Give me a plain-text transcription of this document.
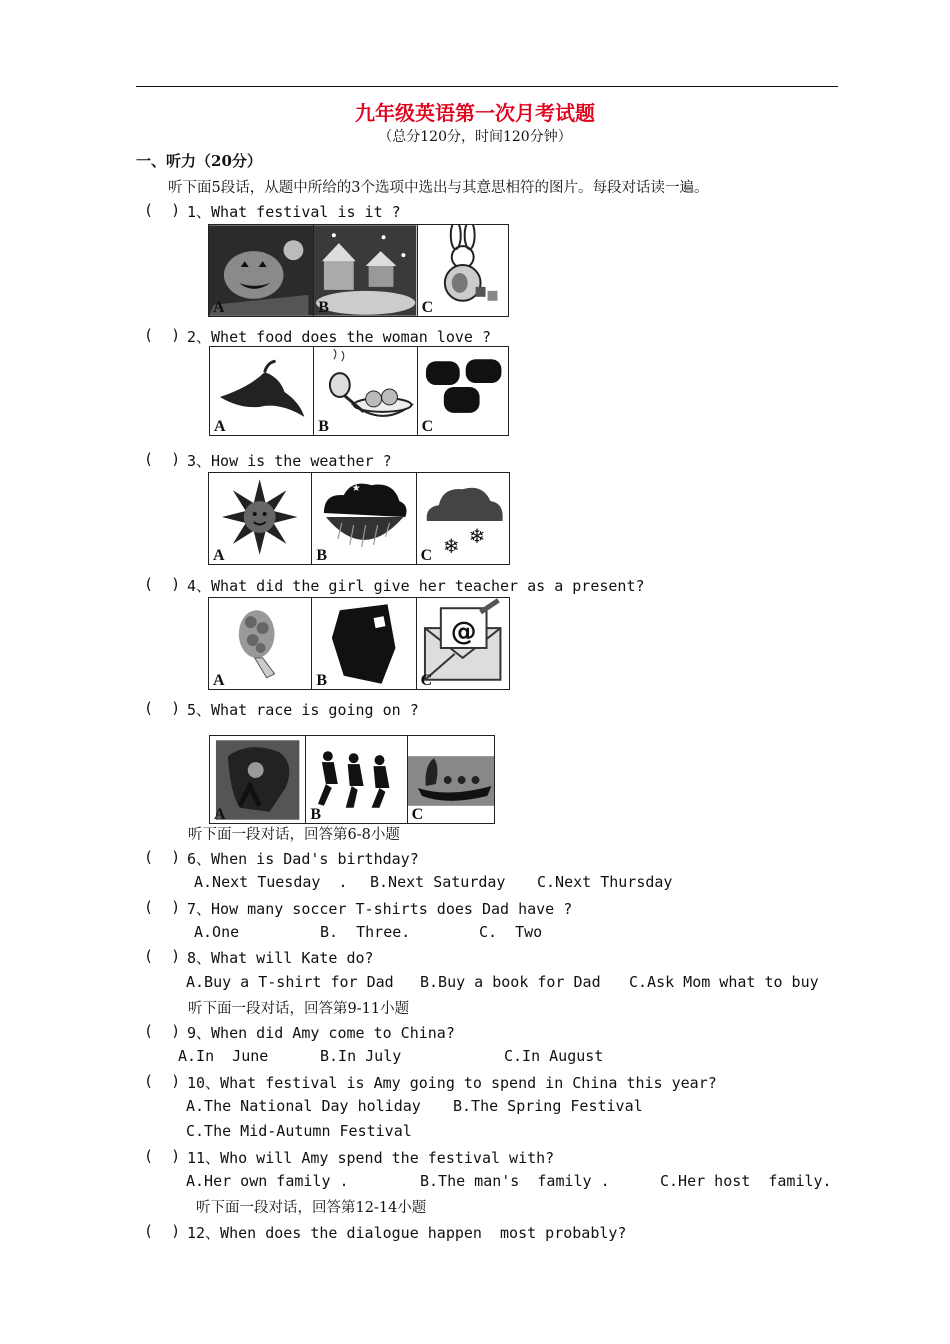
九年级英语第一次月考试题
（总分120分，时间120分钟）
一、听力（20分）
听下面5段话，从题中所给的3个选项中选出与其意思相符的图片。每段对话读一遍。
(  ) 1、What festival is it ?
A	B	C
(  ) 2、Whet food does the woman love ?
A	B	C
(  ) 3、How is the weather ?
A
★
B	❄ ❄
C
(  ) 4、What did the girl give her teacher as a present?
A	B
@
C
(  ) 5、What race is going on ?
A	B	C
听下面一段对话，回答第6-8小题
(  ) 6、When is Dad's birthday?
A.Next Tuesday  . B.Next Saturday C.Next Thursday
(  ) 7、How many soccer T-shirts does Dad have ?
A.One	B.  Three.	C.  Two
(  ) 8、What will Kate do?
A.Buy a T-shirt for Dad B.Buy a book for Dad C.Ask Mom what to buy
听下面一段对话，回答第9-11小题
(  ) 9、When did Amy come to China?
A.In  June	B.In July	C.In August
(  ) 10、What festival is Amy going to spend in China this year?
A.The National Day holiday B.The Spring Festival
C.The Mid-Autumn Festival
(  ) 11、Who will Amy spend the festival with?
A.Her own family .	B.The man's  family .	C.Her host  family.
听下面一段对话，回答第12-14小题
(  ) 12、When does the dialogue happen  most probably?
